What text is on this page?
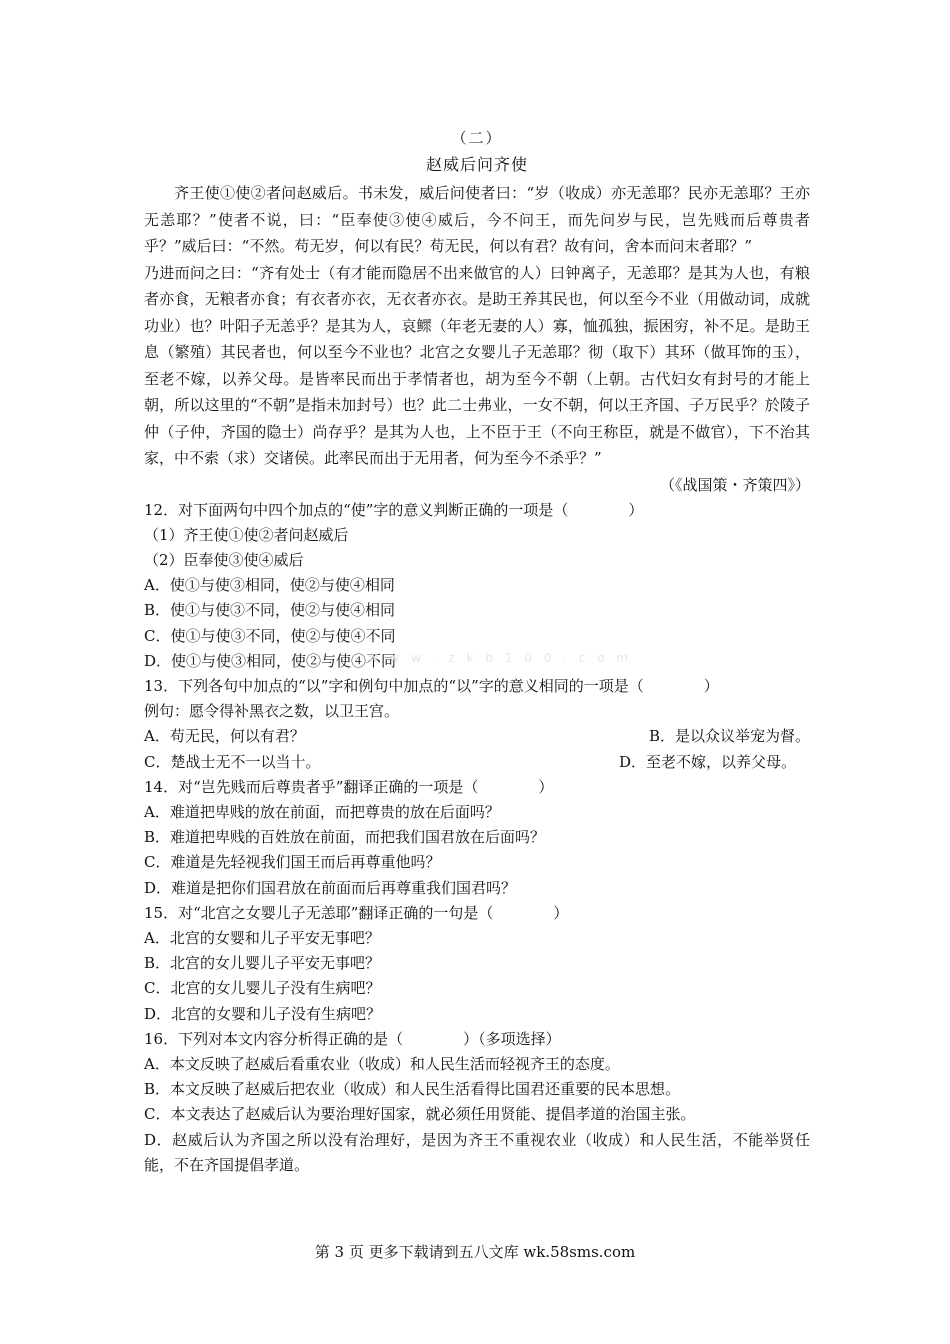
（二）
赵威后问齐使
齐王使①使②者问赵威后。书未发，威后问使者曰：“岁（收成）亦无恙耶？民亦无恙耶？王亦无恙耶？”使者不说，曰：“臣奉使③使④威后，今不问王，而先问岁与民，岂先贱而后尊贵者乎？”威后曰：“不然。苟无岁，何以有民？苟无民，何以有君？故有问，舍本而问末者耶？”
乃进而问之曰：“齐有处士（有才能而隐居不出来做官的人）曰钟离子，无恙耶？是其为人也，有粮者亦食，无粮者亦食；有衣者亦衣，无衣者亦衣。是助王养其民也，何以至今不业（用做动词，成就功业）也？叶阳子无恙乎？是其为人，哀鳏（年老无妻的人）寡，恤孤独，振困穷，补不足。是助王息（繁殖）其民者也，何以至今不业也？北宫之女婴儿子无恙耶？彻（取下）其环（做耳饰的玉），至老不嫁，以养父母。是皆率民而出于孝情者也，胡为至今不朝（上朝。古代妇女有封号的才能上朝，所以这里的“不朝”是指未加封号）也？此二士弗业，一女不朝，何以王齐国、子万民乎？於陵子仲（子仲，齐国的隐士）尚存乎？是其为人也，上不臣于王（不向王称臣，就是不做官），下不治其家，中不索（求）交诸侯。此率民而出于无用者，何为至今不杀乎？”
（《战国策・齐策四》）
12．对下面两句中四个加点的“使”字的意义判断正确的一项是（　　　　）
（1）齐王使①使②者问赵威后
（2）臣奉使③使④威后
A．使①与使③相同，使②与使④相同
B．使①与使③不同，使②与使④相同
C．使①与使③不同，使②与使④不同
D．使①与使③相同，使②与使④不同
13．下列各句中加点的“以”字和例句中加点的“以”字的意义相同的一项是（　　　　）
例句：愿令得补黑衣之数，以卫王宫。
A．苟无民，何以有君？	B．是以众议举宠为督。
C．楚战士无不一以当十。	D．至老不嫁，以养父母。
14．对“岂先贱而后尊贵者乎”翻译正确的一项是（　　　　）
A．难道把卑贱的放在前面，而把尊贵的放在后面吗？
B．难道把卑贱的百姓放在前面，而把我们国君放在后面吗？
C．难道是先轻视我们国王而后再尊重他吗？
D．难道是把你们国君放在前面而后再尊重我们国君吗？
15．对“北宫之女婴儿子无恙耶”翻译正确的一句是（　　　　）
A．北宫的女婴和儿子平安无事吧？
B．北宫的女儿婴儿子平安无事吧？
C．北宫的女儿婴儿子没有生病吧？
D．北宫的女婴和儿子没有生病吧？
16．下列对本文内容分析得正确的是（　　　　）（多项选择）
A．本文反映了赵威后看重农业（收成）和人民生活而轻视齐王的态度。
B．本文反映了赵威后把农业（收成）和人民生活看得比国君还重要的民本思想。
C．本文表达了赵威后认为要治理好国家，就必须任用贤能、提倡孝道的治国主张。
D．赵威后认为齐国之所以没有治理好，是因为齐王不重视农业（收成）和人民生活，不能举贤任能，不在齐国提倡孝道。
w w w . z k b 1 0 0 . c o m
第 3 页 更多下载请到五八文库 wk.58sms.com
